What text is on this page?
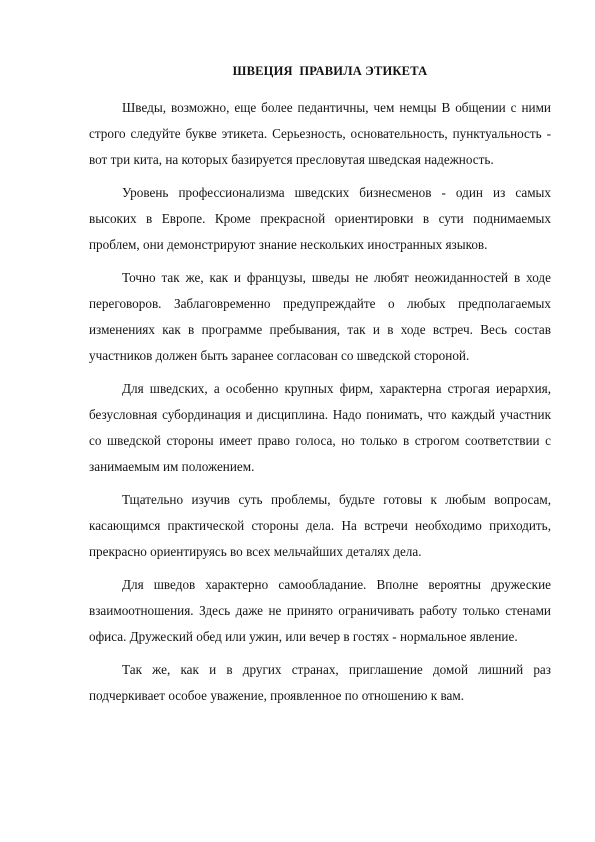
ШВЕЦИЯ  ПРАВИЛА ЭТИКЕТА

Шведы, возможно, еще более педантичны, чем немцы В общении с ними строго следуйте букве этикета. Серьезность, основательность, пунктуальность - вот три кита, на которых базируется пресловутая шведская надежность.

Уровень профессионализма шведских бизнесменов - один из самых высоких в Европе. Кроме прекрасной ориентировки в сути поднимаемых проблем, они демонстрируют знание нескольких иностранных языков.

Точно так же, как и французы, шведы не любят неожиданностей в ходе переговоров. Заблаговременно предупреждайте о любых предполагаемых изменениях как в программе пребывания, так и в ходе встреч. Весь состав участников должен быть заранее согласован со шведской стороной.

Для шведских, а особенно крупных фирм, характерна строгая иерархия, безусловная субординация и дисциплина. Надо понимать, что каждый участник со шведской стороны имеет право голоса, но только в строгом соответствии с занимаемым им положением.

Тщательно изучив суть проблемы, будьте готовы к любым вопросам, касающимся практической стороны дела. На встречи необходимо приходить, прекрасно ориентируясь во всех мельчайших деталях дела.

Для шведов характерно самообладание. Вполне вероятны дружеские взаимоотношения. Здесь даже не принято ограничивать работу только стенами офиса. Дружеский обед или ужин, или вечер в гостях - нормальное явление.

Так же, как и в других странах, приглашение домой лишний раз подчеркивает особое уважение, проявленное по отношению к вам.
